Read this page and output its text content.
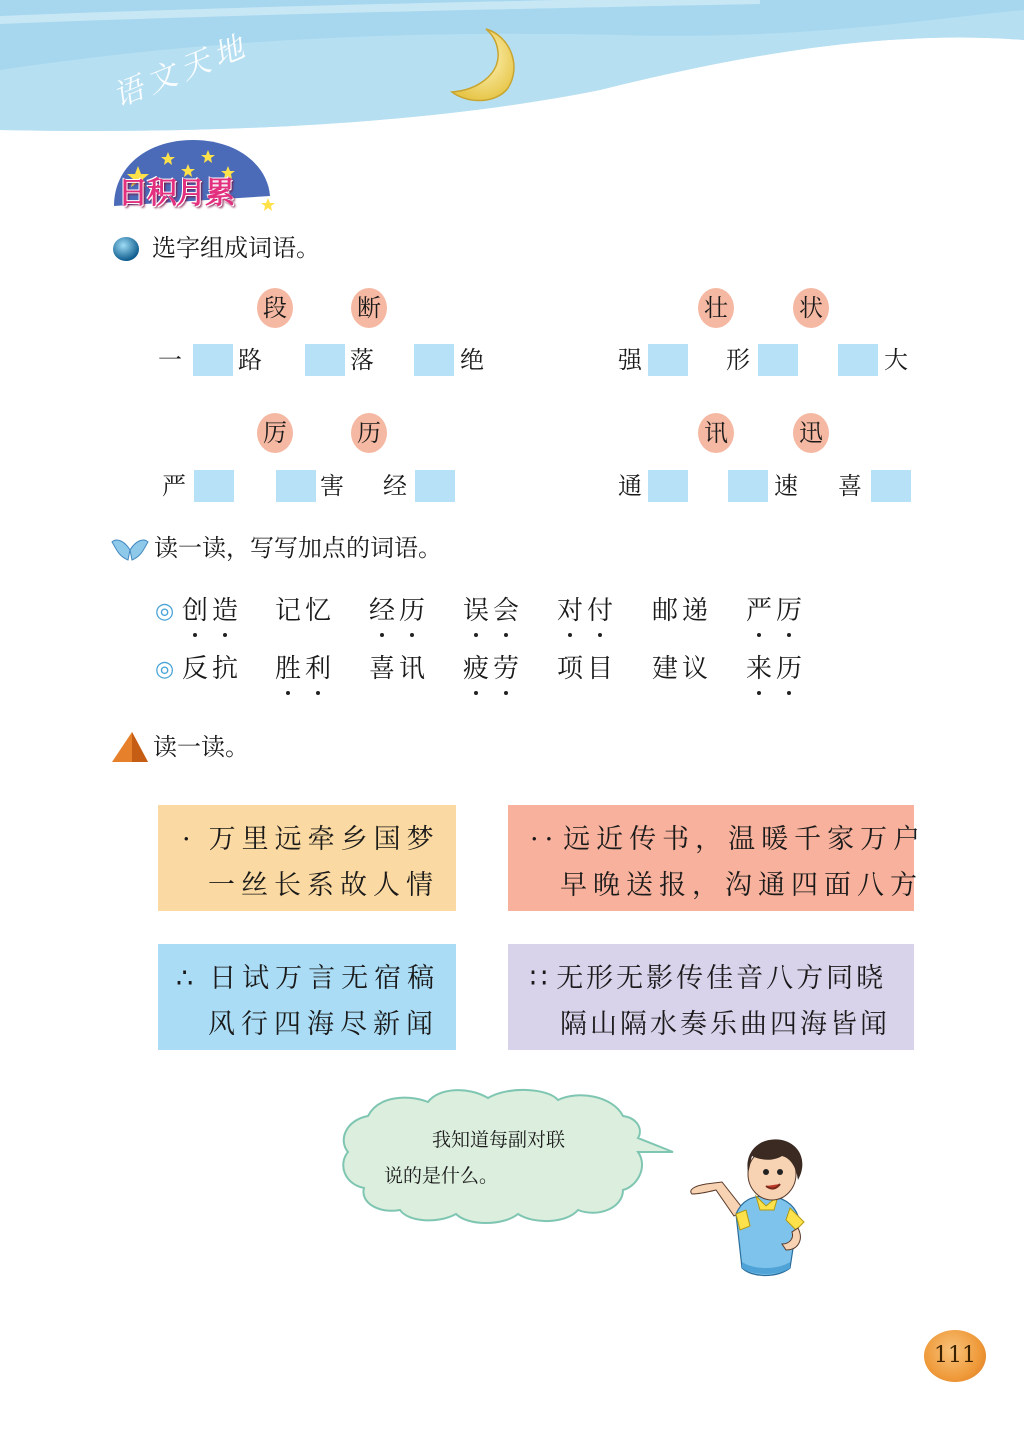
语文天地
日积月累
选字组成词语。
段	断	壮	状
厉	历	讯	迅
一 路	落	绝	强	形	大
严	害 经	通	速 喜
读一读，写写加点的词语。
◎
◎
创造 记忆 经历 误会 对付 邮递 严厉
反抗 胜利 喜讯 疲劳 项目 建议 来历
读一读。
· 万里远牵乡国梦
一丝长系故人情
·· 远近传书，温暖千家万户
早晚送报，沟通四面八方
∴ 日试万言无宿稿
风行四海尽新闻
∷ 无形无影传佳音八方同晓
隔山隔水奏乐曲四海皆闻
我知道每副对联
说的是什么。
111
